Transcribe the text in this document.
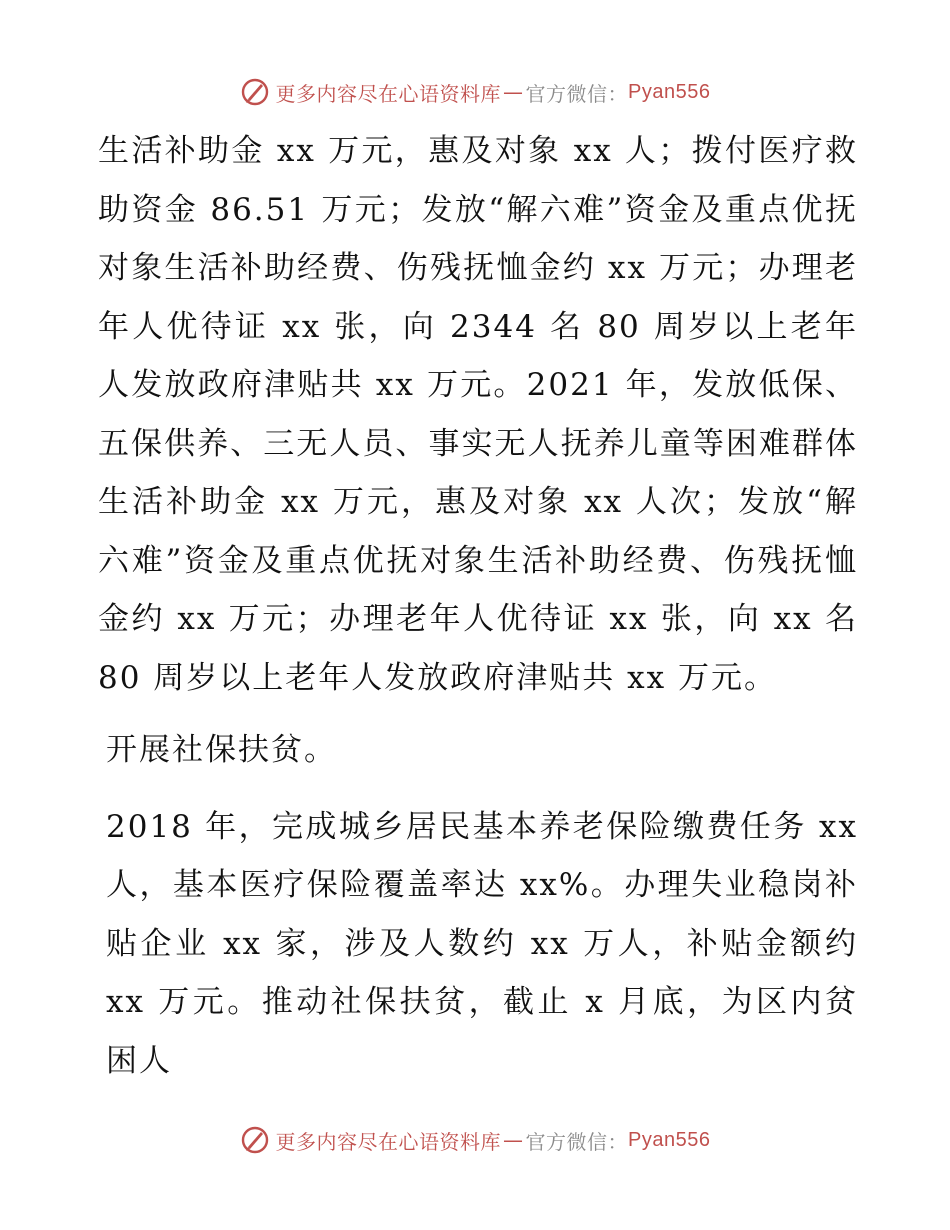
更多内容尽在心语资料库 — 官方微信： Pyan556

生活补助金 xx 万元，惠及对象 xx 人；拨付医疗救助资金 86.51 万元；发放“解六难”资金及重点优抚对象生活补助经费、伤残抚恤金约 xx 万元；办理老年人优待证 xx 张，向 2344 名 80 周岁以上老年人发放政府津贴共 xx 万元。2021 年，发放低保、五保供养、三无人员、事实无人抚养儿童等困难群体生活补助金 xx 万元，惠及对象 xx 人次；发放“解六难”资金及重点优抚对象生活补助经费、伤残抚恤金约 xx 万元；办理老年人优待证 xx 张，向 xx 名 80 周岁以上老年人发放政府津贴共 xx 万元。

开展社保扶贫。

2018 年，完成城乡居民基本养老保险缴费任务 xx 人，基本医疗保险覆盖率达 xx%。办理失业稳岗补贴企业 xx 家，涉及人数约 xx 万人，补贴金额约 xx 万元。推动社保扶贫，截止 x 月底，为区内贫困人

更多内容尽在心语资料库 — 官方微信： Pyan556
